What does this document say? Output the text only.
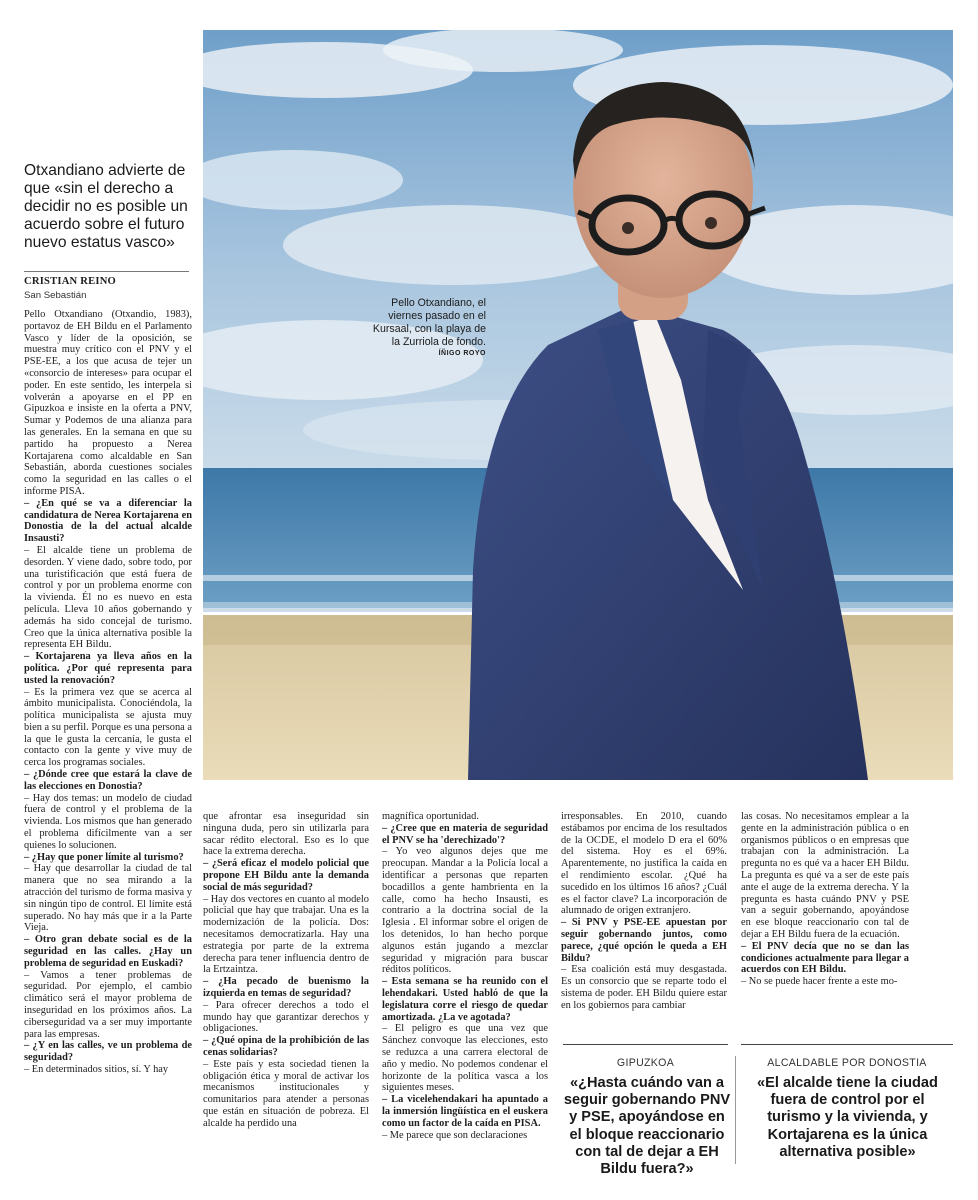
Pello Otxandiano, el viernes pasado en el Kursaal, con la playa de la Zurriola de fondo.
ÍÑIGO ROYO
Otxandiano advierte de que «sin el derecho a decidir no es posible un acuerdo sobre el futuro nuevo estatus vasco»
CRISTIAN REINO
San Sebastián

Pello Otxandiano (Otxandio, 1983), portavoz de EH Bildu en el Parlamento Vasco y líder de la oposición, se muestra muy crítico con el PNV y el PSE-EE, a los que acusa de tejer un «consorcio de intereses» para ocupar el poder. En este sentido, les interpela si volverán a apoyarse en el PP en Gipuzkoa e insiste en la oferta a PNV, Sumar y Podemos de una alianza para las generales. En la semana en que su partido ha propuesto a Nerea Kortajarena como alcaldable en San Sebastián, aborda cuestiones sociales como la seguridad en las calles o el informe PISA.

– ¿En qué se va a diferenciar la candidatura de Nerea Kortajarena en Donostia de la del actual alcalde Insausti?

– El alcalde tiene un problema de desorden. Y viene dado, sobre todo, por una turistificación que está fuera de control y por un problema enorme con la vivienda. Él no es nuevo en esta película. Lleva 10 años gobernando y además ha sido concejal de turismo. Creo que la única alternativa posible la representa EH Bildu.

– Kortajarena ya lleva años en la política. ¿Por qué representa para usted la renovación?

– Es la primera vez que se acerca al ámbito municipalista. Conociéndola, la política municipalista se ajusta muy bien a su perfil. Porque es una persona a la que le gusta la cercanía, le gusta el contacto con la gente y vive muy de cerca los programas sociales.

– ¿Dónde cree que estará la clave de las elecciones en Donostia?

– Hay dos temas: un modelo de ciudad fuera de control y el problema de la vivienda. Los mismos que han generado el problema difícilmente van a ser quienes lo solucionen.

– ¿Hay que poner límite al turismo?

– Hay que desarrollar la ciudad de tal manera que no sea mirando a la atracción del turismo de forma masiva y sin ningún tipo de control. El límite está superado. No hay más que ir a la Parte Vieja.

– Otro gran debate social es de la seguridad en las calles. ¿Hay un problema de seguridad en Euskadi?

– Vamos a tener problemas de seguridad. Por ejemplo, el cambio climático será el mayor problema de inseguridad en los próximos años. La ciberseguridad va a ser muy importante para las empresas.

– ¿Y en las calles, ve un problema de seguridad?

– En determinados sitios, sí. Y hay

que afrontar esa inseguridad sin ninguna duda, pero sin utilizarla para sacar rédito electoral. Eso es lo que hace la extrema derecha.

– ¿Será eficaz el modelo policial que propone EH Bildu ante la demanda social de más seguridad?

– Hay dos vectores en cuanto al modelo policial que hay que trabajar. Una es la modernización de la policía. Dos: necesitamos democratizarla. Hay una estrategia por parte de la extrema derecha para tener influencia dentro de la Ertzaintza.

– ¿Ha pecado de buenismo la izquierda en temas de seguridad?

– Para ofrecer derechos a todo el mundo hay que garantizar derechos y obligaciones.

– ¿Qué opina de la prohibición de las cenas solidarias?

– Este país y esta sociedad tienen la obligación ética y moral de activar los mecanismos institucionales y comunitarios para atender a personas que están en situación de pobreza. El alcalde ha perdido una

magnífica oportunidad.

– ¿Cree que en materia de seguridad el PNV se ha 'derechizado'?

– Yo veo algunos dejes que me preocupan. Mandar a la Policía local a identificar a personas que reparten bocadillos a gente hambrienta en la calle, como ha hecho Insausti, es contrario a la doctrina social de la Iglesia . El informar sobre el origen de los detenidos, lo han hecho porque algunos están jugando a mezclar seguridad y migración para buscar réditos políticos.

– Esta semana se ha reunido con el lehendakari. Usted habló de que la legislatura corre el riesgo de quedar amortizada. ¿La ve agotada?

– El peligro es que una vez que Sánchez convoque las elecciones, esto se reduzca a una carrera electoral de año y medio. No podemos condenar el horizonte de la política vasca a los siguientes meses.

– La vicelehendakari ha apuntado a la inmersión lingüística en el euskera como un factor de la caída en PISA.

– Me parece que son declaraciones

irresponsables. En 2010, cuando estábamos por encima de los resultados de la OCDE, el modelo D era el 60% del sistema. Hoy es el 69%. Aparentemente, no justifica la caída en el rendimiento escolar. ¿Qué ha sucedido en los últimos 16 años? ¿Cuál es el factor clave? La incorporación de alumnado de origen extranjero.

– Si PNV y PSE-EE apuestan por seguir gobernando juntos, como parece, ¿qué opción le queda a EH Bildu?

– Esa coalición está muy desgastada. Es un consorcio que se reparte todo el sistema de poder. EH Bildu quiere estar en los gobiernos para cambiar

las cosas. No necesitamos emplear a la gente en la administración pública o en organismos públicos o en empresas que trabajan con la administración. La pregunta no es qué va a hacer EH Bildu. La pregunta es qué va a ser de este país ante el auge de la extrema derecha. Y la pregunta es hasta cuándo PNV y PSE van a seguir gobernando, apoyándose en ese bloque reaccionario con tal de dejar a EH Bildu fuera de la ecuación.

– El PNV decía que no se dan las condiciones actualmente para llegar a acuerdos con EH Bildu.

– No se puede hacer frente a este mo-

GIPUZKOA
«¿Hasta cuándo van a seguir gobernando PNV y PSE, apoyándose en el bloque reaccionario con tal de dejar a EH Bildu fuera?»
ALCALDABLE POR DONOSTIA
«El alcalde tiene la ciudad fuera de control por el turismo y la vivienda, y Kortajarena es la única alternativa posible»
